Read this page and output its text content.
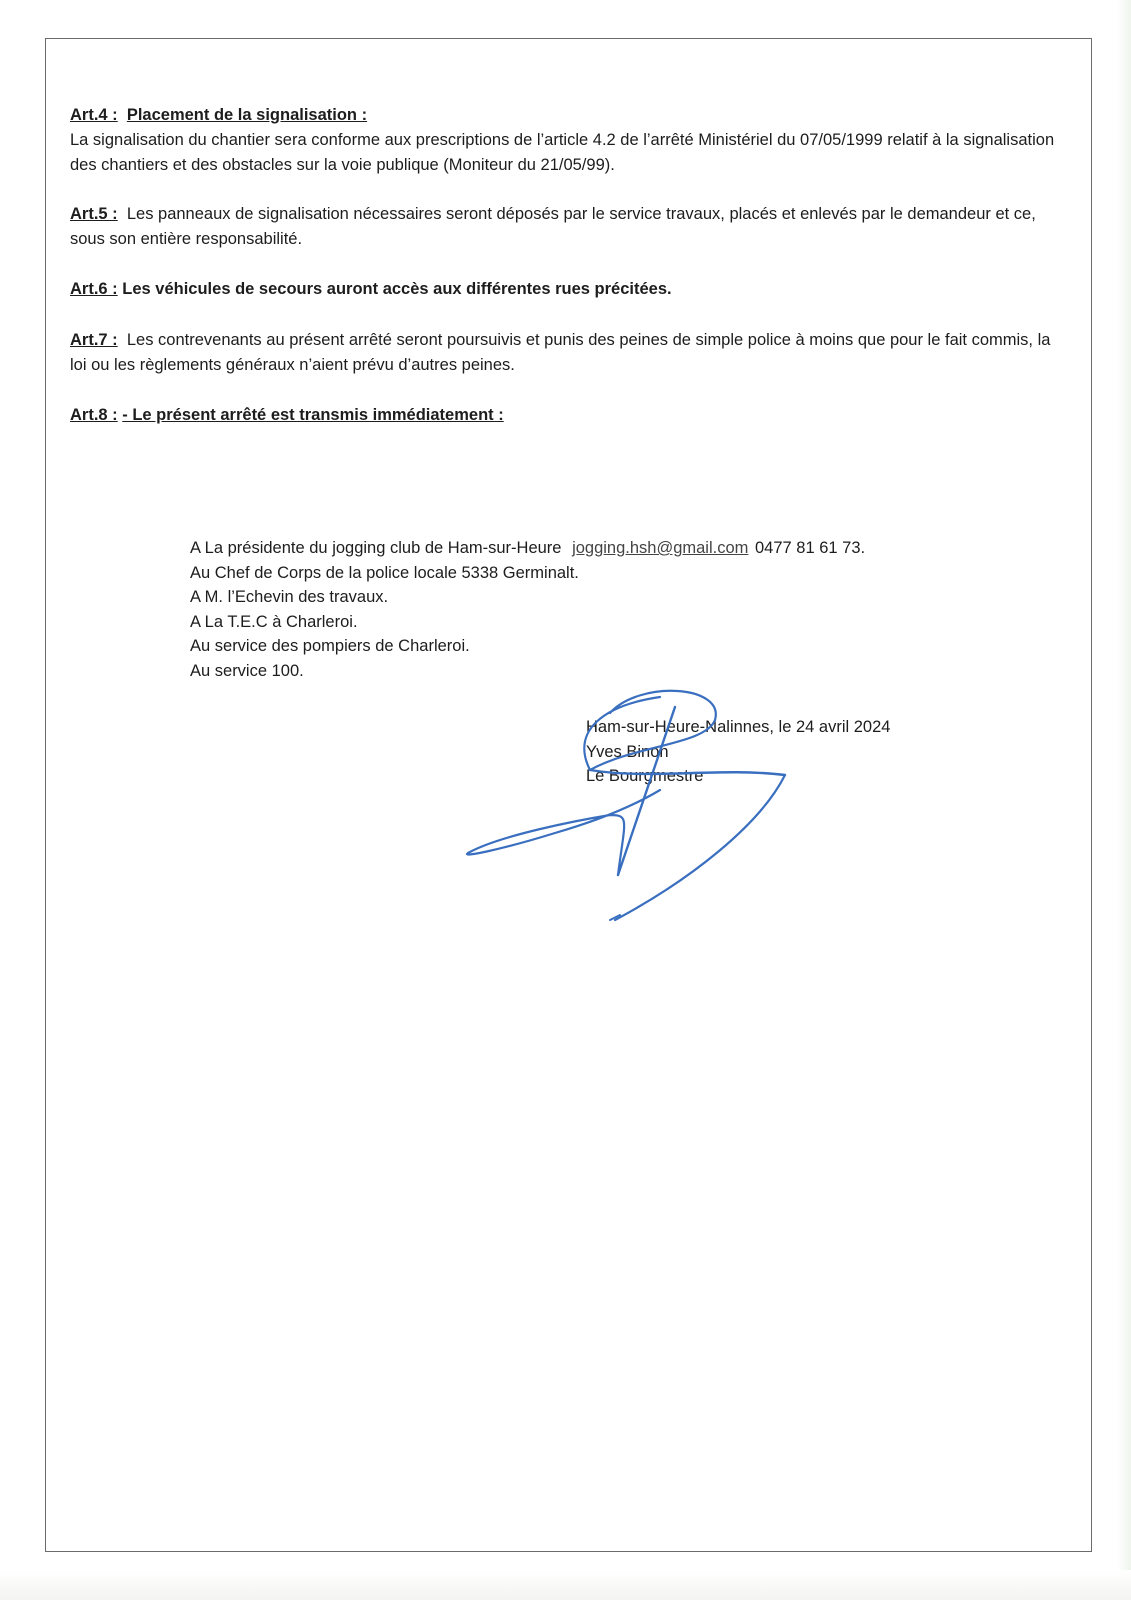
Art.4 : Placement de la signalisation :
La signalisation du chantier sera conforme aux prescriptions de l’article 4.2 de l’arrêté Ministériel du 07/05/1999 relatif à la signalisation des chantiers et des obstacles sur la voie publique (Moniteur du 21/05/99).

Art.5 : Les panneaux de signalisation nécessaires seront déposés par le service travaux, placés et enlevés par le demandeur et ce, sous son entière responsabilité.

Art.6 : Les véhicules de secours auront accès aux différentes rues précitées.

Art.7 : Les contrevenants au présent arrêté seront poursuivis et punis des peines de simple police à moins que pour le fait commis, la loi ou les règlements généraux n’aient prévu d’autres peines.

Art.8 : - Le présent arrêté est transmis immédiatement :

A La présidente du jogging club de Ham-sur-Heure jogging.hsh@gmail.com 0477 81 61 73.
Au Chef de Corps de la police locale 5338 Germinalt.
A M. l’Echevin des travaux.
A La T.E.C à Charleroi.
Au service des pompiers de Charleroi.
Au service 100.
Ham-sur-Heure-Nalinnes, le 24 avril 2024
Yves Binon
Le Bourgmestre
